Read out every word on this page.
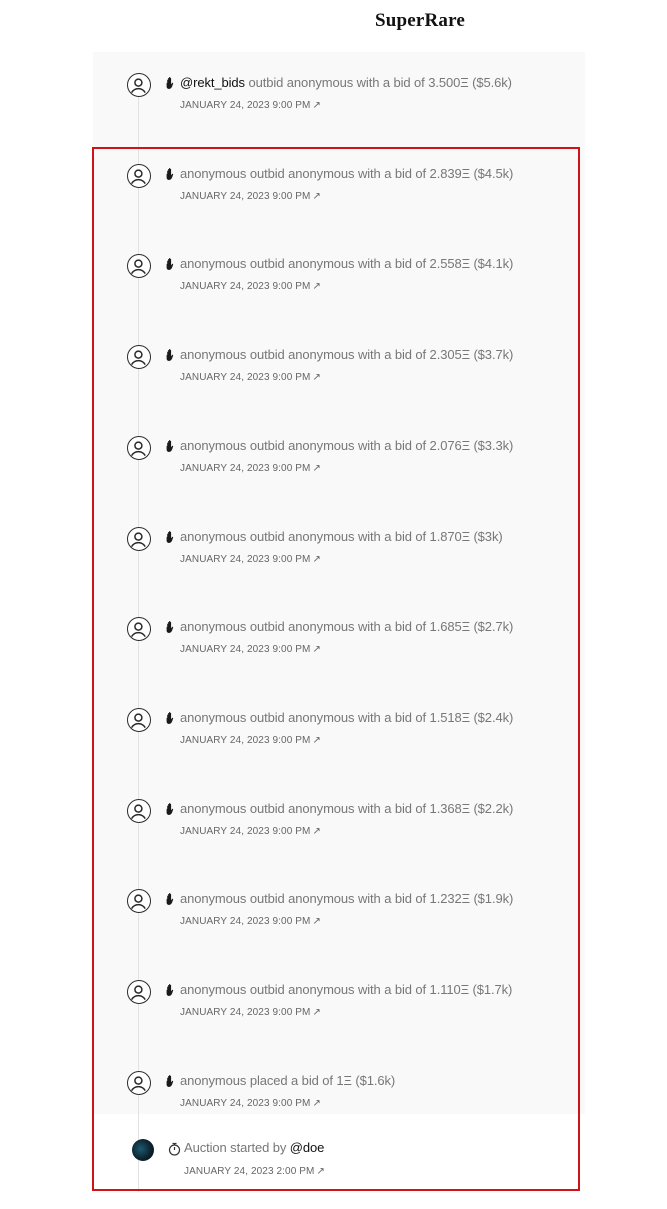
SuperRare
@rekt_bids outbid anonymous with a bid of 3.500Ξ ($5.6k)
JANUARY 24, 2023 9:00 PM ↗
anonymous outbid anonymous with a bid of 2.839Ξ ($4.5k)
JANUARY 24, 2023 9:00 PM ↗
anonymous outbid anonymous with a bid of 2.558Ξ ($4.1k)
JANUARY 24, 2023 9:00 PM ↗
anonymous outbid anonymous with a bid of 2.305Ξ ($3.7k)
JANUARY 24, 2023 9:00 PM ↗
anonymous outbid anonymous with a bid of 2.076Ξ ($3.3k)
JANUARY 24, 2023 9:00 PM ↗
anonymous outbid anonymous with a bid of 1.870Ξ ($3k)
JANUARY 24, 2023 9:00 PM ↗
anonymous outbid anonymous with a bid of 1.685Ξ ($2.7k)
JANUARY 24, 2023 9:00 PM ↗
anonymous outbid anonymous with a bid of 1.518Ξ ($2.4k)
JANUARY 24, 2023 9:00 PM ↗
anonymous outbid anonymous with a bid of 1.368Ξ ($2.2k)
JANUARY 24, 2023 9:00 PM ↗
anonymous outbid anonymous with a bid of 1.232Ξ ($1.9k)
JANUARY 24, 2023 9:00 PM ↗
anonymous outbid anonymous with a bid of 1.110Ξ ($1.7k)
JANUARY 24, 2023 9:00 PM ↗
anonymous placed a bid of 1Ξ ($1.6k)
JANUARY 24, 2023 9:00 PM ↗
Auction started by @doe
JANUARY 24, 2023 2:00 PM ↗
